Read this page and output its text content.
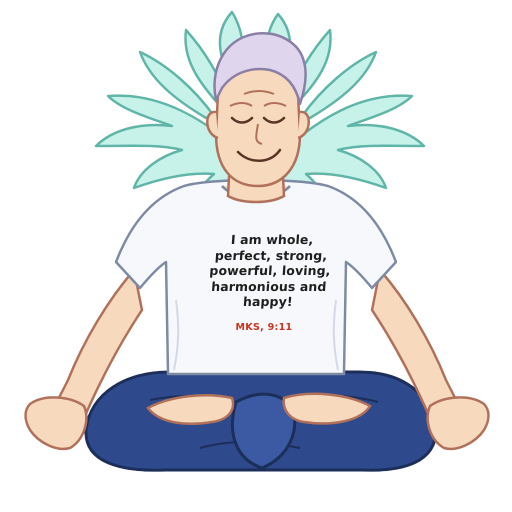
I am whole,
perfect, strong,
powerful, loving,
harmonious and
happy!
MKS, 9:11
